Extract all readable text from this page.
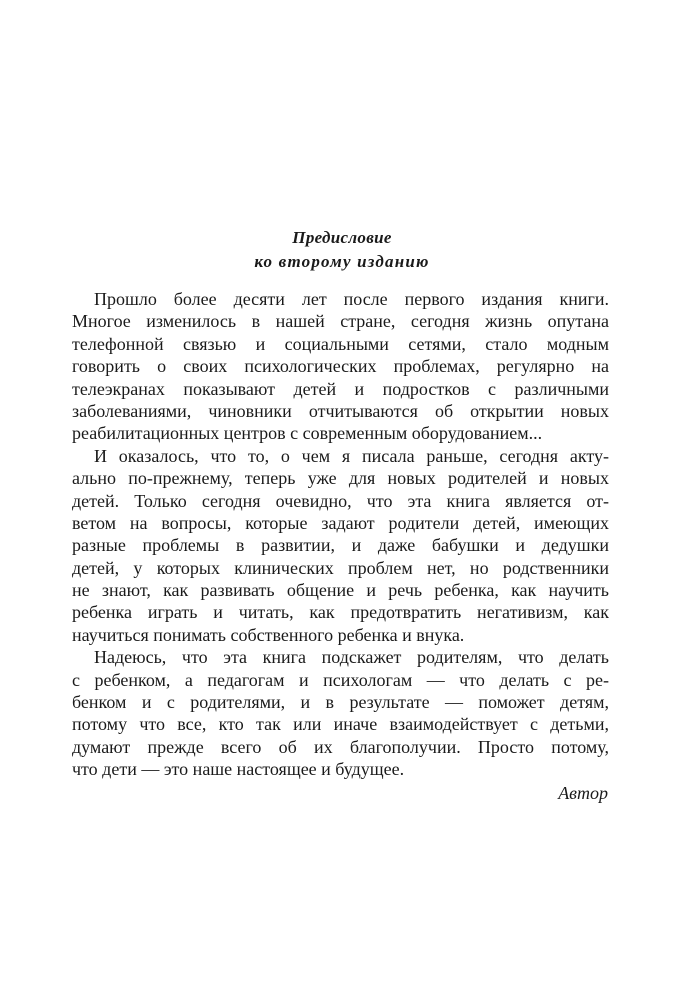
Предисловие
ко второму изданию
Прошло более десяти лет после первого издания книги.
Многое изменилось в нашей стране, сегодня жизнь опутана
телефонной связью и социальными сетями, стало модным
говорить о своих психологических проблемах, регулярно на
телеэкранах показывают детей и подростков с различными
заболеваниями, чиновники отчитываются об открытии новых
реабилитационных центров с современным оборудованием...
И оказалось, что то, о чем я писала раньше, сегодня акту-
ально по-прежнему, теперь уже для новых родителей и новых
детей. Только сегодня очевидно, что эта книга является от-
ветом на вопросы, которые задают родители детей, имеющих
разные проблемы в развитии, и даже бабушки и дедушки
детей, у которых клинических проблем нет, но родственники
не знают, как развивать общение и речь ребенка, как научить
ребенка играть и читать, как предотвратить негативизм, как
научиться понимать собственного ребенка и внука.
Надеюсь, что эта книга подскажет родителям, что делать
с ребенком, а педагогам и психологам — что делать с ре-
бенком и с родителями, и в результате — поможет детям,
потому что все, кто так или иначе взаимодействует с детьми,
думают прежде всего об их благополучии. Просто потому,
что дети — это наше настоящее и будущее.
Автор
